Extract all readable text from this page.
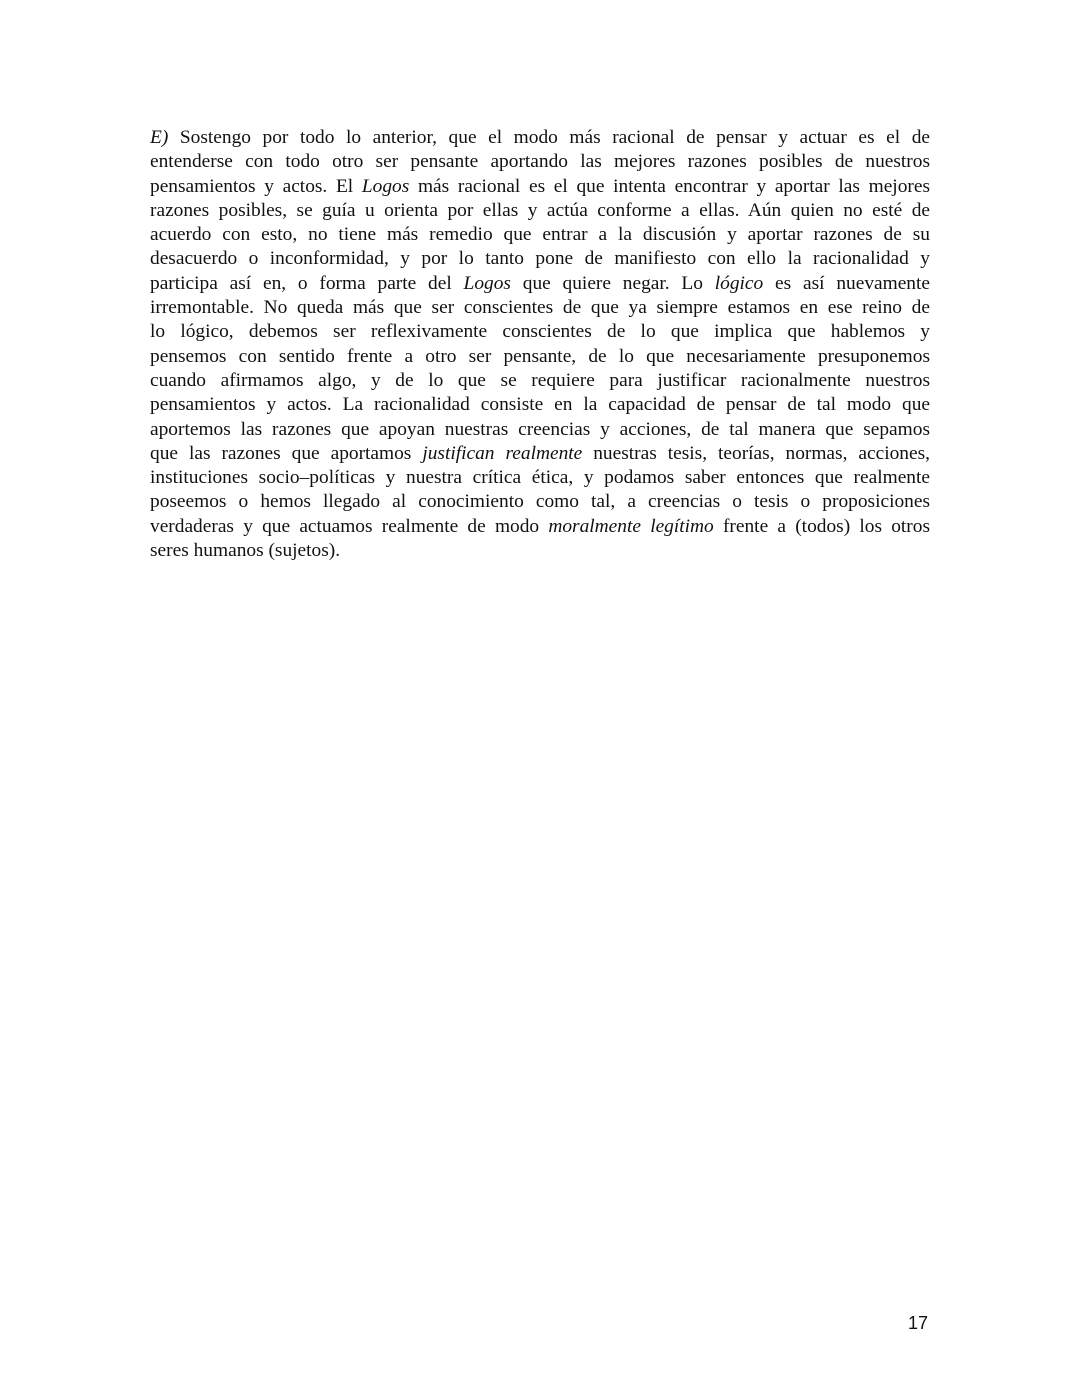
E) Sostengo por todo lo anterior, que el modo más racional de pensar y actuar es el de
entenderse con todo otro ser pensante aportando las mejores razones posibles de nuestros
pensamientos y actos. El Logos más racional es el que intenta encontrar y aportar las mejores
razones posibles, se guía u orienta por ellas y actúa conforme a ellas. Aún quien no esté de
acuerdo con esto, no tiene más remedio que entrar a la discusión y aportar razones de su
desacuerdo o inconformidad, y por lo tanto pone de manifiesto con ello la racionalidad y
participa así en, o forma parte del Logos que quiere negar. Lo lógico es así nuevamente
irremontable. No queda más que ser conscientes de que ya siempre estamos en ese reino de
lo lógico, debemos ser reflexivamente conscientes de lo que implica que hablemos y
pensemos con sentido frente a otro ser pensante, de lo que necesariamente presuponemos
cuando afirmamos algo, y de lo que se requiere para justificar racionalmente nuestros
pensamientos y actos. La racionalidad consiste en la capacidad de pensar de tal modo que
aportemos las razones que apoyan nuestras creencias y acciones, de tal manera que sepamos
que las razones que aportamos justifican realmente nuestras tesis, teorías, normas, acciones,
instituciones socio–políticas y nuestra crítica ética, y podamos saber entonces que realmente
poseemos o hemos llegado al conocimiento como tal, a creencias o tesis o proposiciones
verdaderas y que actuamos realmente de modo moralmente legítimo frente a (todos) los otros
seres humanos (sujetos).
17
